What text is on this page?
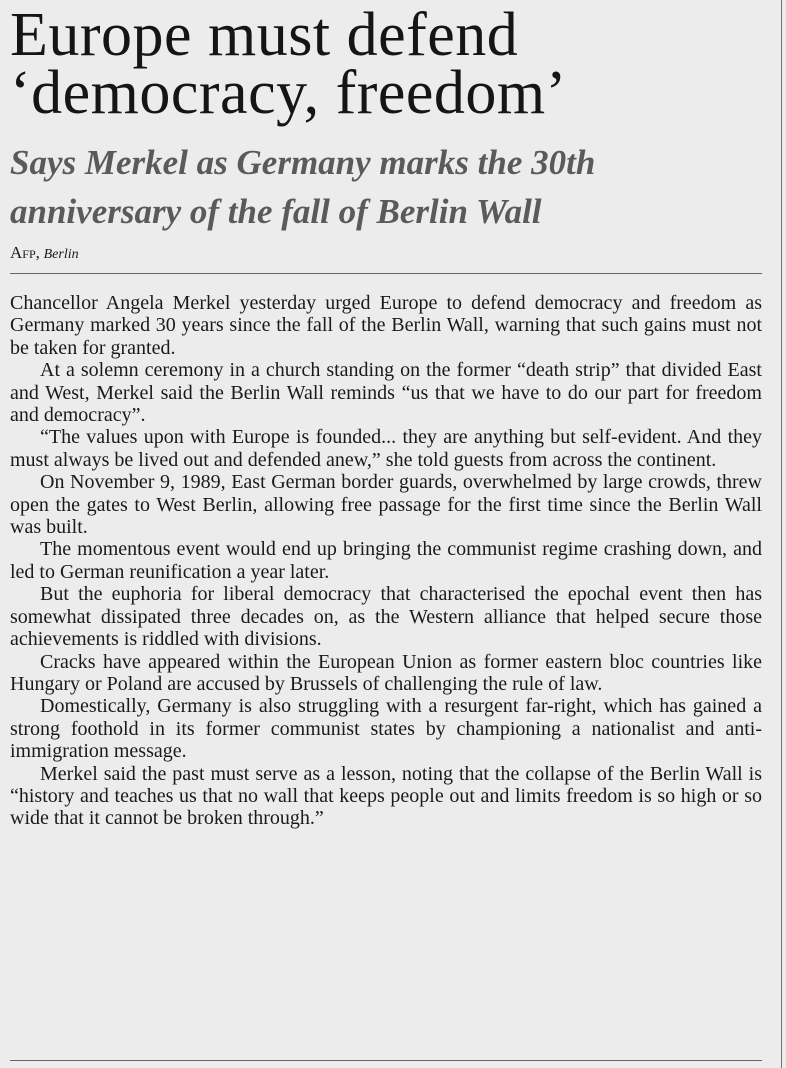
Europe must defend
‘democracy, freedom’
Says Merkel as Germany marks the 30th
anniversary of the fall of Berlin Wall
Afp, Berlin

Chancellor Angela Merkel yesterday urged Europe to defend democracy and freedom as Germany marked 30 years since the fall of the Berlin Wall, warning that such gains must not be taken for granted.

At a solemn ceremony in a church standing on the former “death strip” that divided East and West, Merkel said the Berlin Wall reminds “us that we have to do our part for freedom and democracy”.

“The values upon with Europe is founded... they are anything but self-evident. And they must always be lived out and defended anew,” she told guests from across the continent.

On November 9, 1989, East German border guards, overwhelmed by large crowds, threw open the gates to West Berlin, allowing free passage for the first time since the Berlin Wall was built.

The momentous event would end up bringing the communist regime crashing down, and led to German reunification a year later.

But the euphoria for liberal democracy that characterised the epochal event then has somewhat dissipated three decades on, as the Western alliance that helped secure those achievements is riddled with divisions.

Cracks have appeared within the European Union as former eastern bloc countries like Hungary or Poland are accused by Brussels of challenging the rule of law.

Domestically, Germany is also struggling with a resurgent far-right, which has gained a strong foothold in its former communist states by championing a nationalist and anti-immigration message.

Merkel said the past must serve as a lesson, noting that the collapse of the Berlin Wall is “history and teaches us that no wall that keeps people out and limits freedom is so high or so wide that it cannot be broken through.”
